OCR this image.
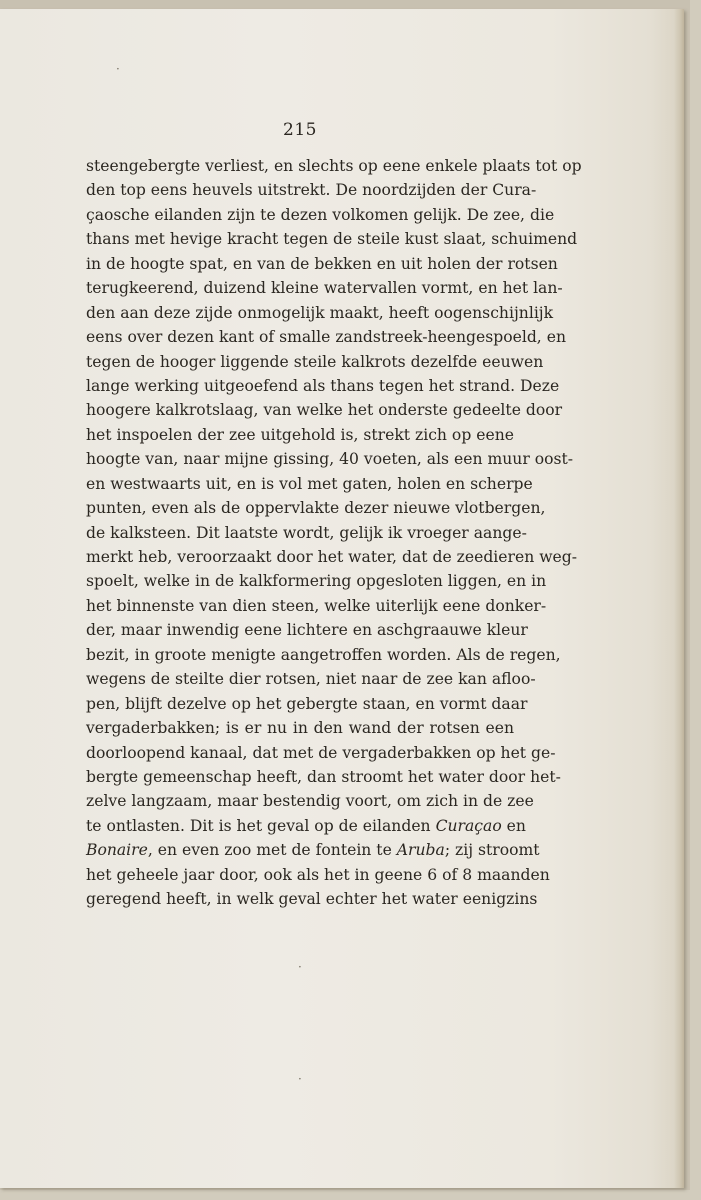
215
steengebergte verliest, en slechts op eene enkele plaats tot op
den top eens heuvels uitstrekt. De noordzijden der Cura-
çaosche eilanden zijn te dezen volkomen gelijk. De zee, die
thans met hevige kracht tegen de steile kust slaat, schuimend
in de hoogte spat, en van de bekken en uit holen der rotsen
terugkeerend, duizend kleine watervallen vormt, en het lan-
den aan deze zijde onmogelijk maakt, heeft oogenschijnlijk
eens over dezen kant of smalle zandstreek-heengespoeld, en
tegen de hooger liggende steile kalkrots dezelfde eeuwen
lange werking uitgeoefend als thans tegen het strand. Deze
hoogere kalkrotslaag, van welke het onderste gedeelte door
het inspoelen der zee uitgehold is, strekt zich op eene
hoogte van, naar mijne gissing, 40 voeten, als een muur oost-
en westwaarts uit, en is vol met gaten, holen en scherpe
punten, even als de oppervlakte dezer nieuwe vlotbergen,
de kalksteen. Dit laatste wordt, gelijk ik vroeger aange-
merkt heb, veroorzaakt door het water, dat de zeedieren weg-
spoelt, welke in de kalkformering opgesloten liggen, en in
het binnenste van dien steen, welke uiterlijk eene donker-
der, maar inwendig eene lichtere en aschgraauwe kleur
bezit, in groote menigte aangetroffen worden. Als de regen,
wegens de steilte dier rotsen, niet naar de zee kan afloo-
pen, blijft dezelve op het gebergte staan, en vormt daar
vergaderbakken; is er nu in den wand der rotsen een
doorloopend kanaal, dat met de vergaderbakken op het ge-
bergte gemeenschap heeft, dan stroomt het water door het-
zelve langzaam, maar bestendig voort, om zich in de zee
te ontlasten. Dit is het geval op de eilanden Curaçao en
Bonaire, en even zoo met de fontein te Aruba; zij stroomt
het geheele jaar door, ook als het in geene 6 of 8 maanden
geregend heeft, in welk geval echter het water eenigzins
·
·
·
